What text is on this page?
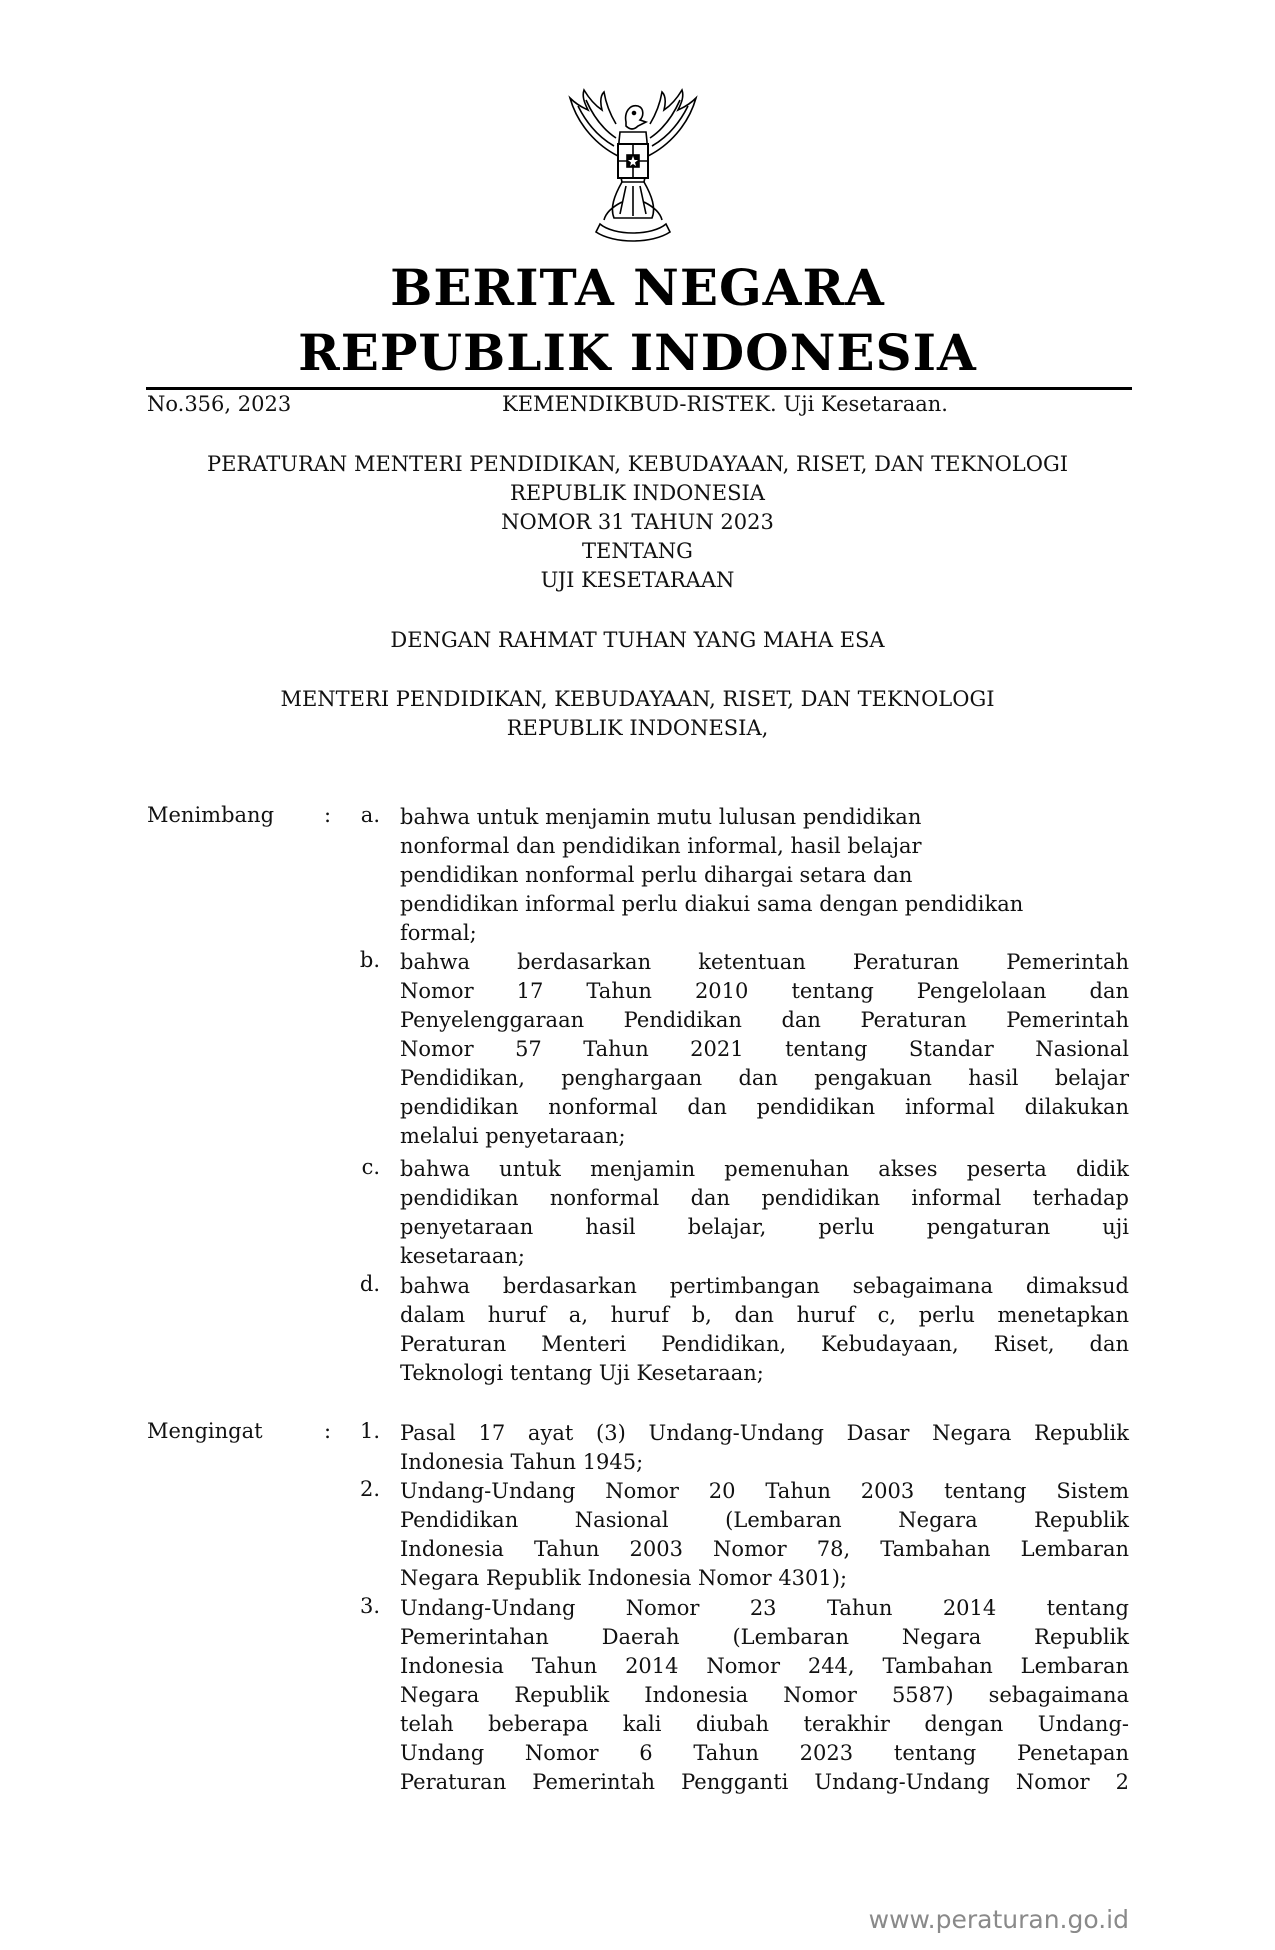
BERITA NEGARA
REPUBLIK INDONESIA
No.356, 2023	KEMENDIKBUD-RISTEK. Uji Kesetaraan.
PERATURAN MENTERI PENDIDIKAN, KEBUDAYAAN, RISET, DAN TEKNOLOGI
REPUBLIK INDONESIA
NOMOR 31 TAHUN 2023
TENTANG
UJI KESETARAAN
DENGAN RAHMAT TUHAN YANG MAHA ESA
MENTERI PENDIDIKAN, KEBUDAYAAN, RISET, DAN TEKNOLOGI
REPUBLIK INDONESIA,
Menimbang :	a. bahwa untuk menjamin mutu lulusan pendidikan
nonformal dan pendidikan informal, hasil belajar
pendidikan nonformal perlu dihargai setara dan
pendidikan informal perlu diakui sama dengan pendidikan
formal;
b. bahwa berdasarkan ketentuan Peraturan Pemerintah
Nomor 17 Tahun 2010 tentang Pengelolaan dan
Penyelenggaraan Pendidikan dan Peraturan Pemerintah
Nomor 57 Tahun 2021 tentang Standar Nasional
Pendidikan, penghargaan dan pengakuan hasil belajar
pendidikan nonformal dan pendidikan informal dilakukan
melalui penyetaraan;
c. bahwa untuk menjamin pemenuhan akses peserta didik
pendidikan nonformal dan pendidikan informal terhadap
penyetaraan hasil belajar, perlu pengaturan uji
kesetaraan;
d. bahwa berdasarkan pertimbangan sebagaimana dimaksud
dalam huruf a, huruf b, dan huruf c, perlu menetapkan
Peraturan Menteri Pendidikan, Kebudayaan, Riset, dan
Teknologi tentang Uji Kesetaraan;
Mengingat	:	1. Pasal 17 ayat (3) Undang-Undang Dasar Negara Republik
Indonesia Tahun 1945;
2. Undang-Undang Nomor 20 Tahun 2003 tentang Sistem
Pendidikan Nasional (Lembaran Negara Republik
Indonesia Tahun 2003 Nomor 78, Tambahan Lembaran
Negara Republik Indonesia Nomor 4301);
3. Undang-Undang Nomor 23 Tahun 2014 tentang
Pemerintahan Daerah (Lembaran Negara Republik
Indonesia Tahun 2014 Nomor 244, Tambahan Lembaran
Negara Republik Indonesia Nomor 5587) sebagaimana
telah beberapa kali diubah terakhir dengan Undang-
Undang Nomor 6 Tahun 2023 tentang Penetapan
Peraturan Pemerintah Pengganti Undang-Undang Nomor 2
www.peraturan.go.id
